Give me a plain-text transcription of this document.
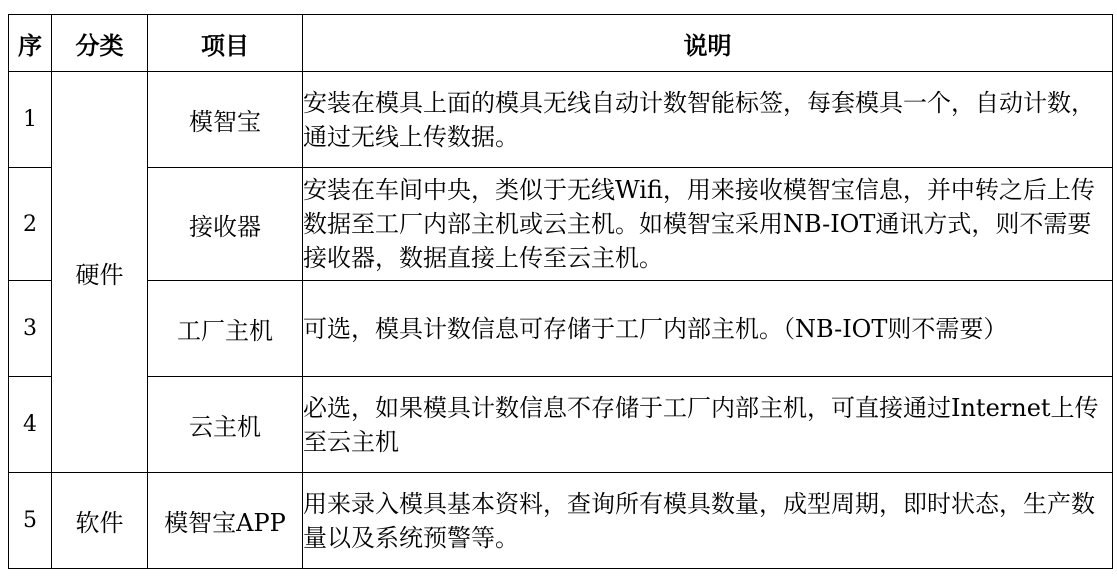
序	分类	项目	说明
1	硬件	模智宝	安装在模具上面的模具无线自动计数智能标签，每套模具一个，自动计数，通过无线上传数据。
2		接收器	安装在车间中央，类似于无线Wifi，用来接收模智宝信息，并中转之后上传数据至工厂内部主机或云主机。如模智宝采用NB-IOT通讯方式，则不需要接收器，数据直接上传至云主机。
3		工厂主机	可选，模具计数信息可存储于工厂内部主机。（NB-IOT则不需要）
4		云主机	必选，如果模具计数信息不存储于工厂内部主机，可直接通过Internet上传至云主机
5	软件	模智宝APP	用来录入模具基本资料，查询所有模具数量，成型周期，即时状态，生产数量以及系统预警等。
